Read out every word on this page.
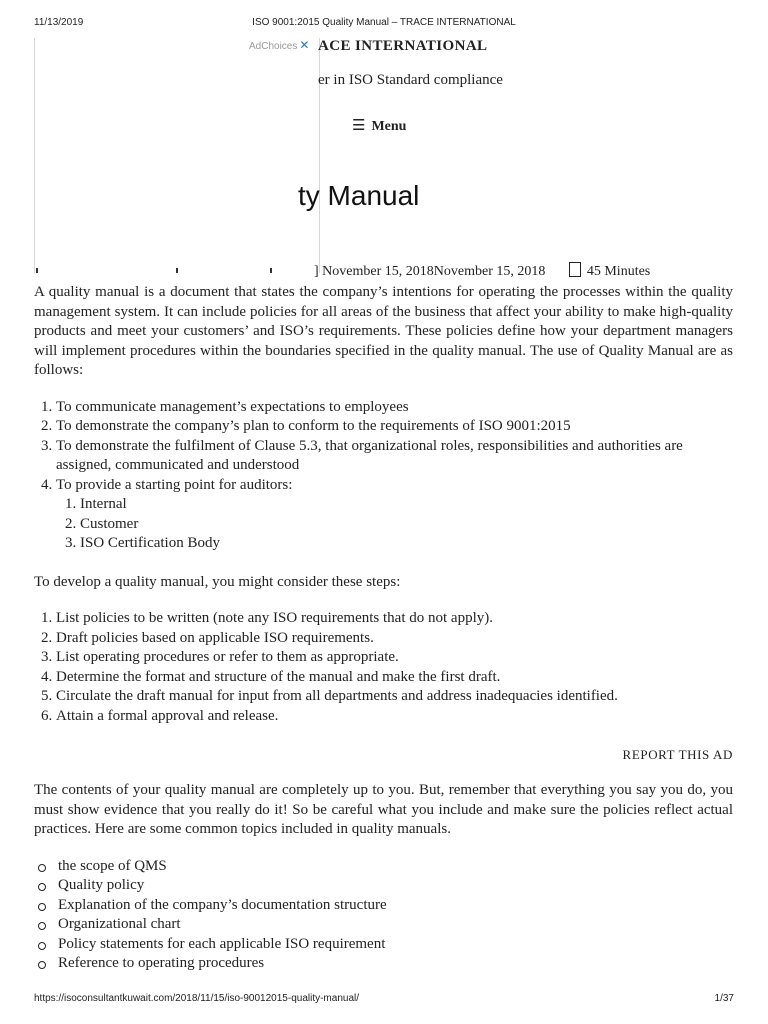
11/13/2019	ISO 9001:2015 Quality Manual – TRACE INTERNATIONAL
AdChoices ✕ ACE INTERNATIONAL
er in ISO Standard compliance
☰ Menu
ty Manual
] November 15, 2018November 15, 2018	45 Minutes

A quality manual is a document that states the company’s intentions for operating the processes within the quality management system. It can include policies for all areas of the business that affect your ability to make high-quality products and meet your customers’ and ISO’s requirements. These policies define how your department managers will implement procedures within the boundaries specified in the quality manual. The use of Quality Manual are as follows:

1. To communicate management’s expectations to employees
2. To demonstrate the company’s plan to conform to the requirements of ISO 9001:2015
3. To demonstrate the fulfilment of Clause 5.3, that organizational roles, responsibilities and authorities are assigned, communicated and understood
4. To provide a starting point for auditors:
1. Internal
2. Customer
3. ISO Certification Body

To develop a quality manual, you might consider these steps:

1. List policies to be written (note any ISO requirements that do not apply).
2. Draft policies based on applicable ISO requirements.
3. List operating procedures or refer to them as appropriate.
4. Determine the format and structure of the manual and make the first draft.
5. Circulate the draft manual for input from all departments and address inadequacies identified.
6. Attain a formal approval and release.
REPORT THIS AD

The contents of your quality manual are completely up to you. But, remember that everything you say you do, you must show evidence that you really do it! So be careful what you include and make sure the policies reflect actual practices. Here are some common topics included in quality manuals.

the scope of QMS
Quality policy
Explanation of the company’s documentation structure
Organizational chart
Policy statements for each applicable ISO requirement
Reference to operating procedures
https://isoconsultantkuwait.com/2018/11/15/iso-90012015-quality-manual/	1/37
